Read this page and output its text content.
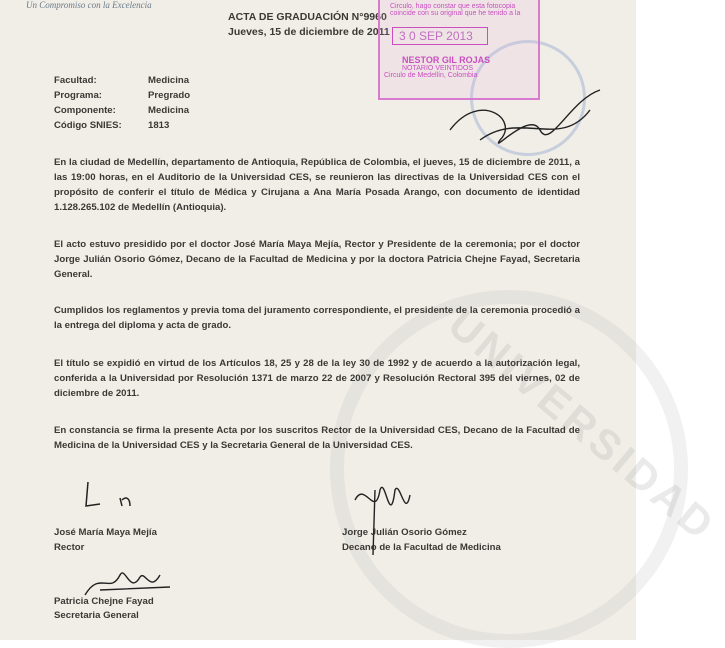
UNIVERSIDAD
Un Compromiso con la Excelencia
ACTA DE GRADUACIÓN N°9960
Jueves, 15 de diciembre de 2011
Circulo, hago constar que esta fotocopia
coincide con su original que he tenido a la
3 0 SEP 2013
NESTOR GIL ROJAS
NOTARIO VEINTIDOS
Circulo de Medellín, Colombia
Facultad:	Medicina
Programa:	Pregrado
Componente:	Medicina
Código SNIES:	1813
En la ciudad de Medellín, departamento de Antioquia, República de Colombia, el jueves, 15 de diciembre de 2011, a las 19:00 horas, en el Auditorio de la Universidad CES, se reunieron las directivas de la Universidad CES con el propósito de conferir el título de Médica y Cirujana a Ana María Posada Arango, con documento de identidad 1.128.265.102 de Medellín (Antioquia).
El acto estuvo presidido por el doctor José María Maya Mejía, Rector y Presidente de la ceremonia; por el doctor Jorge Julián Osorio Gómez, Decano de la Facultad de Medicina y por la doctora Patricia Chejne Fayad, Secretaria General.
Cumplidos los reglamentos y previa toma del juramento correspondiente, el presidente de la ceremonia procedió a la entrega del diploma y acta de grado.
El título se expidió en virtud de los Artículos 18, 25 y 28 de la ley 30 de 1992 y de acuerdo a la autorización legal, conferida a la Universidad por Resolución 1371 de marzo 22 de 2007 y Resolución Rectoral 395 del viernes, 02 de diciembre de 2011.
En constancia se firma la presente Acta por los suscritos Rector de la Universidad CES, Decano de la Facultad de Medicina de la Universidad CES y la Secretaria General de la Universidad CES.
José María Maya Mejía
Rector
Jorge Julián Osorio Gómez
Decano de la Facultad de Medicina
Patricia Chejne Fayad
Secretaria General
